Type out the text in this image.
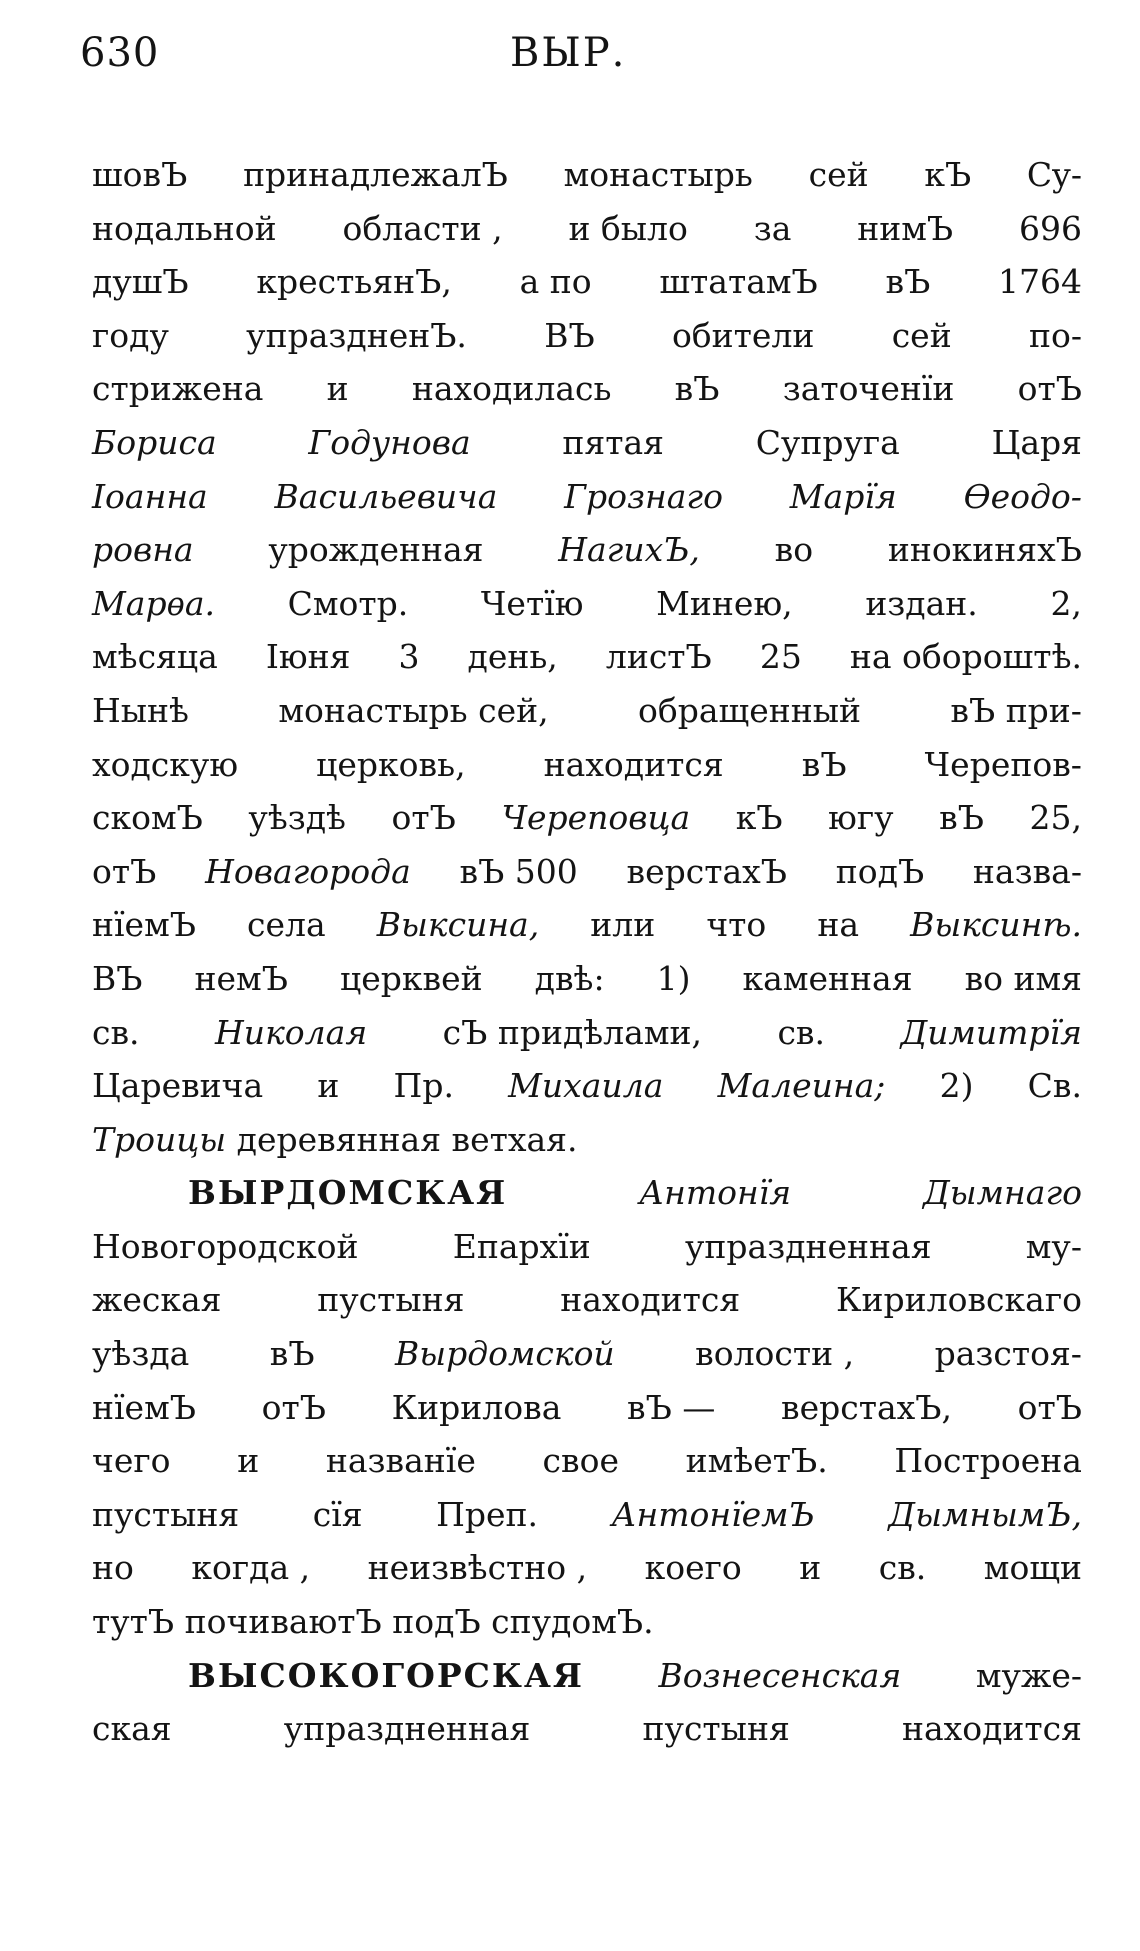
630	ВЫР.
шовЪ принадлежалЪ монастырь сей кЪ Сy-
нодальной области , и было за нимЪ 696
душЪ крестьянЪ, а по штатамЪ вЪ 1764
году упраздненЪ. ВЪ обители сей по-
стрижена и находилась вЪ заточенїи отЪ
Бориса	Годунова	пятая	Супруга	Царя
Іоанна Васильевича Грознаго Марїя Ѳеодо-
ровна урожденная НагихЪ, во инокиняхЪ
Марѳа. Смотр. Четїю Минею, издан. 2,
мѣсяца Іюня 3 день, листЪ 25 на обороштѣ.
Нынѣ	монастырь сей,	обращенный	вЪ при-
ходскую церковь, находится вЪ Черепов-
скомЪ уѣздѣ отЪ Череповца кЪ югу вЪ 25,
отЪ Новагорода вЪ 500 верстахЪ подЪ назва-
нїемЪ села Выксина, или что на Выксинѣ.
ВЪ немЪ церквей двѣ: 1) каменная во имя
св. Николая сЪ придѣлами, св. Димитрїя
Царевича и Пр. Михаила Малеина; 2) Св.
Троицы деревянная ветхая.
ВЫРДОМСКАЯ	Антонїя	Дымнаго
Новогородской	Епархїи	упраздненная	му-
жеская	пустыня	находится	Кириловскаго
уѣзда вЪ Вырдомской волости , разстоя-
нїемЪ отЪ Кирилова вЪ — верстахЪ, отЪ
чего и названїе свое имѣетЪ. Построена
пустыня сїя Преп. АнтонїемЪ ДымнымЪ,
но когда , неизвѣстно , коего и св. мощи
тутЪ почиваютЪ подЪ спудомЪ.
ВЫСОКОГОРСКАЯ Вознесенская муже-
ская	упраздненная	пустыня	находится
